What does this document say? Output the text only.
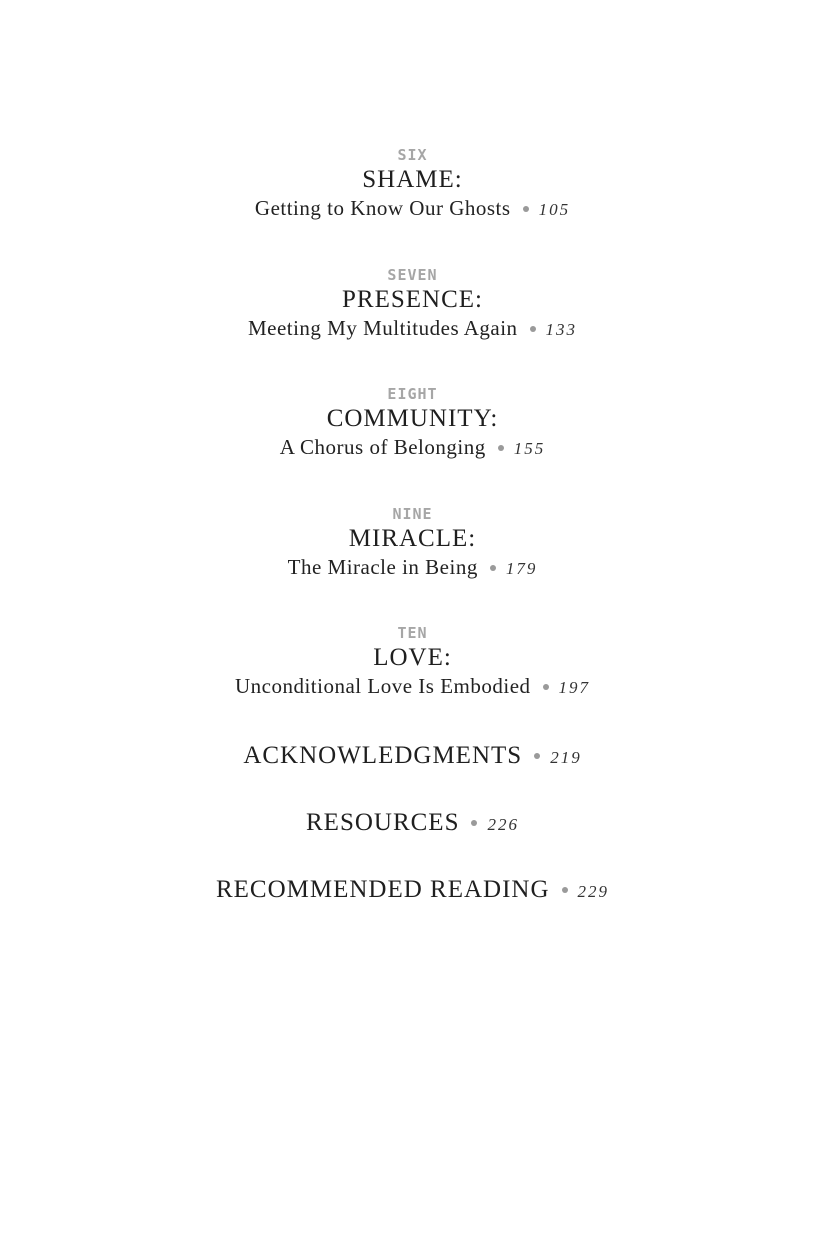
SIX
SHAME:
Getting to Know Our Ghosts 105
SEVEN
PRESENCE:
Meeting My Multitudes Again 133
EIGHT
COMMUNITY:
A Chorus of Belonging 155
NINE
MIRACLE:
The Miracle in Being 179
TEN
LOVE:
Unconditional Love Is Embodied 197
ACKNOWLEDGMENTS 219
RESOURCES 226
RECOMMENDED READING 229
